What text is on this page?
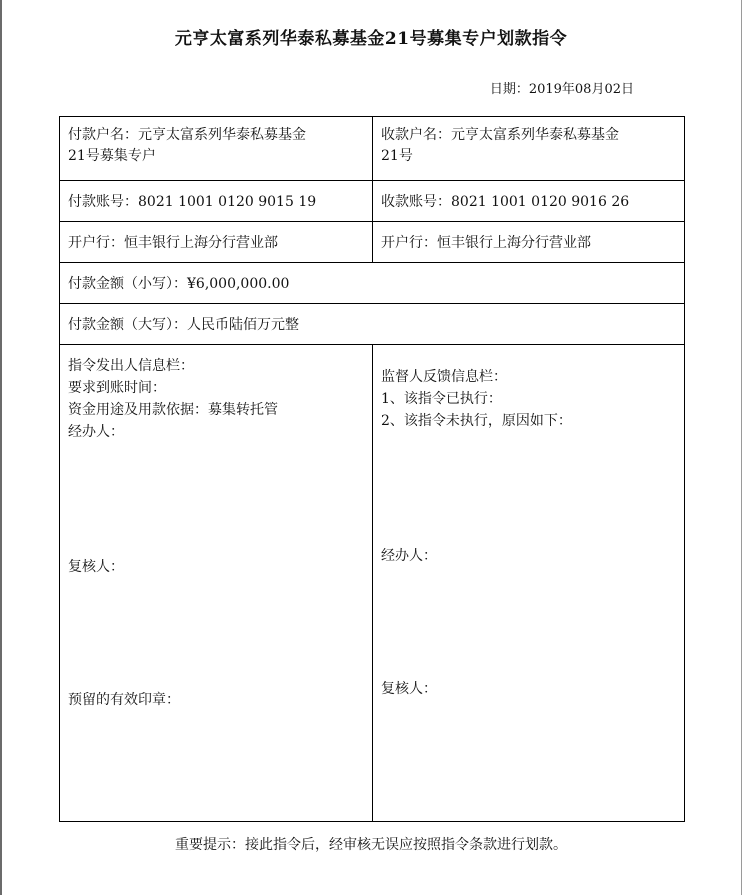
元亨太富系列华泰私募基金21号募集专户划款指令
日期：2019年08月02日
付款户名：元亨太富系列华泰私募基金
21号募集专户
收款户名：元亨太富系列华泰私募基金
21号
付款账号：8021 1001 0120 9015 19	收款账号：8021 1001 0120 9016 26
开户行：恒丰银行上海分行营业部	开户行：恒丰银行上海分行营业部
付款金额（小写）：¥6,000,000.00
付款金额（大写）：人民币陆佰万元整
指令发出人信息栏：
要求到账时间：
资金用途及用款依据：募集转托管
经办人：
复核人：
预留的有效印章：
监督人反馈信息栏：
1、该指令已执行：
2、该指令未执行，原因如下：
经办人：
复核人：
重要提示：接此指令后，经审核无误应按照指令条款进行划款。
